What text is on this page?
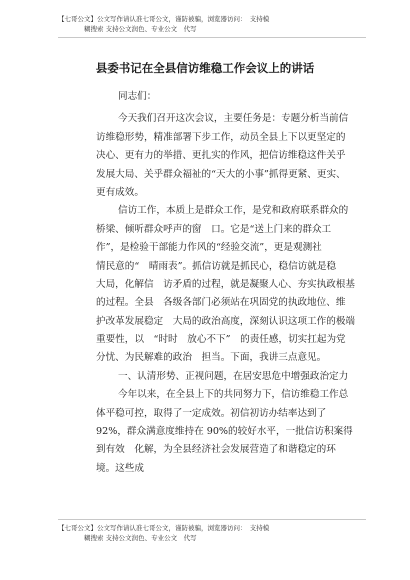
【七哥公文】公文写作请认准七哥公文，谨防被骗，浏览器访问：　支持模
糊搜索 支持公文润色、专业公文　代写
县委书记在全县信访维稳工作会议上的讲话
同志们：
今天我们召开这次会议，主要任务是：专题分析当前信
访维稳形势，精准部署下步工作，动员全县上下以更坚定的
决心、更有力的举措、更扎实的作风，把信访维稳这件关乎
发展大局、关乎群众福祉的“天大的小事”抓得更紧、更实、
更有成效。
信访工作，本质上是群众工作，是党和政府联系群众的
桥梁、倾听群众呼声的窗　口。它是“送上门来的群众工
作”，是检验干部能力作风的“经验交流”，更是观测社
情民意的“　晴雨表”。抓信访就是抓民心，稳信访就是稳
大局，化解信　访矛盾的过程，就是凝聚人心、夯实执政根基
的过程。全县　各级各部门必须站在巩固党的执政地位、维
护改革发展稳定　大局的政治高度，深刻认识这项工作的极端
重要性，以　“时时　放心不下”　的责任感，切实扛起为党
分忧、为民解难的政治　担当。下面，我讲三点意见。
一、认清形势、正视问题，在居安思危中增强政治定力
今年以来，在全县上下的共同努力下，信访维稳工作总
体平稳可控，取得了一定成效。初信初访办结率达到了
92%，群众满意度维持在 90%的较好水平，一批信访积案得
到有效　化解，为全县经济社会发展营造了和谐稳定的环
境。这些成
【七哥公文】公文写作请认准七哥公文，谨防被骗，浏览器访问：　支持模
糊搜索 支持公文润色、专业公文　代写
